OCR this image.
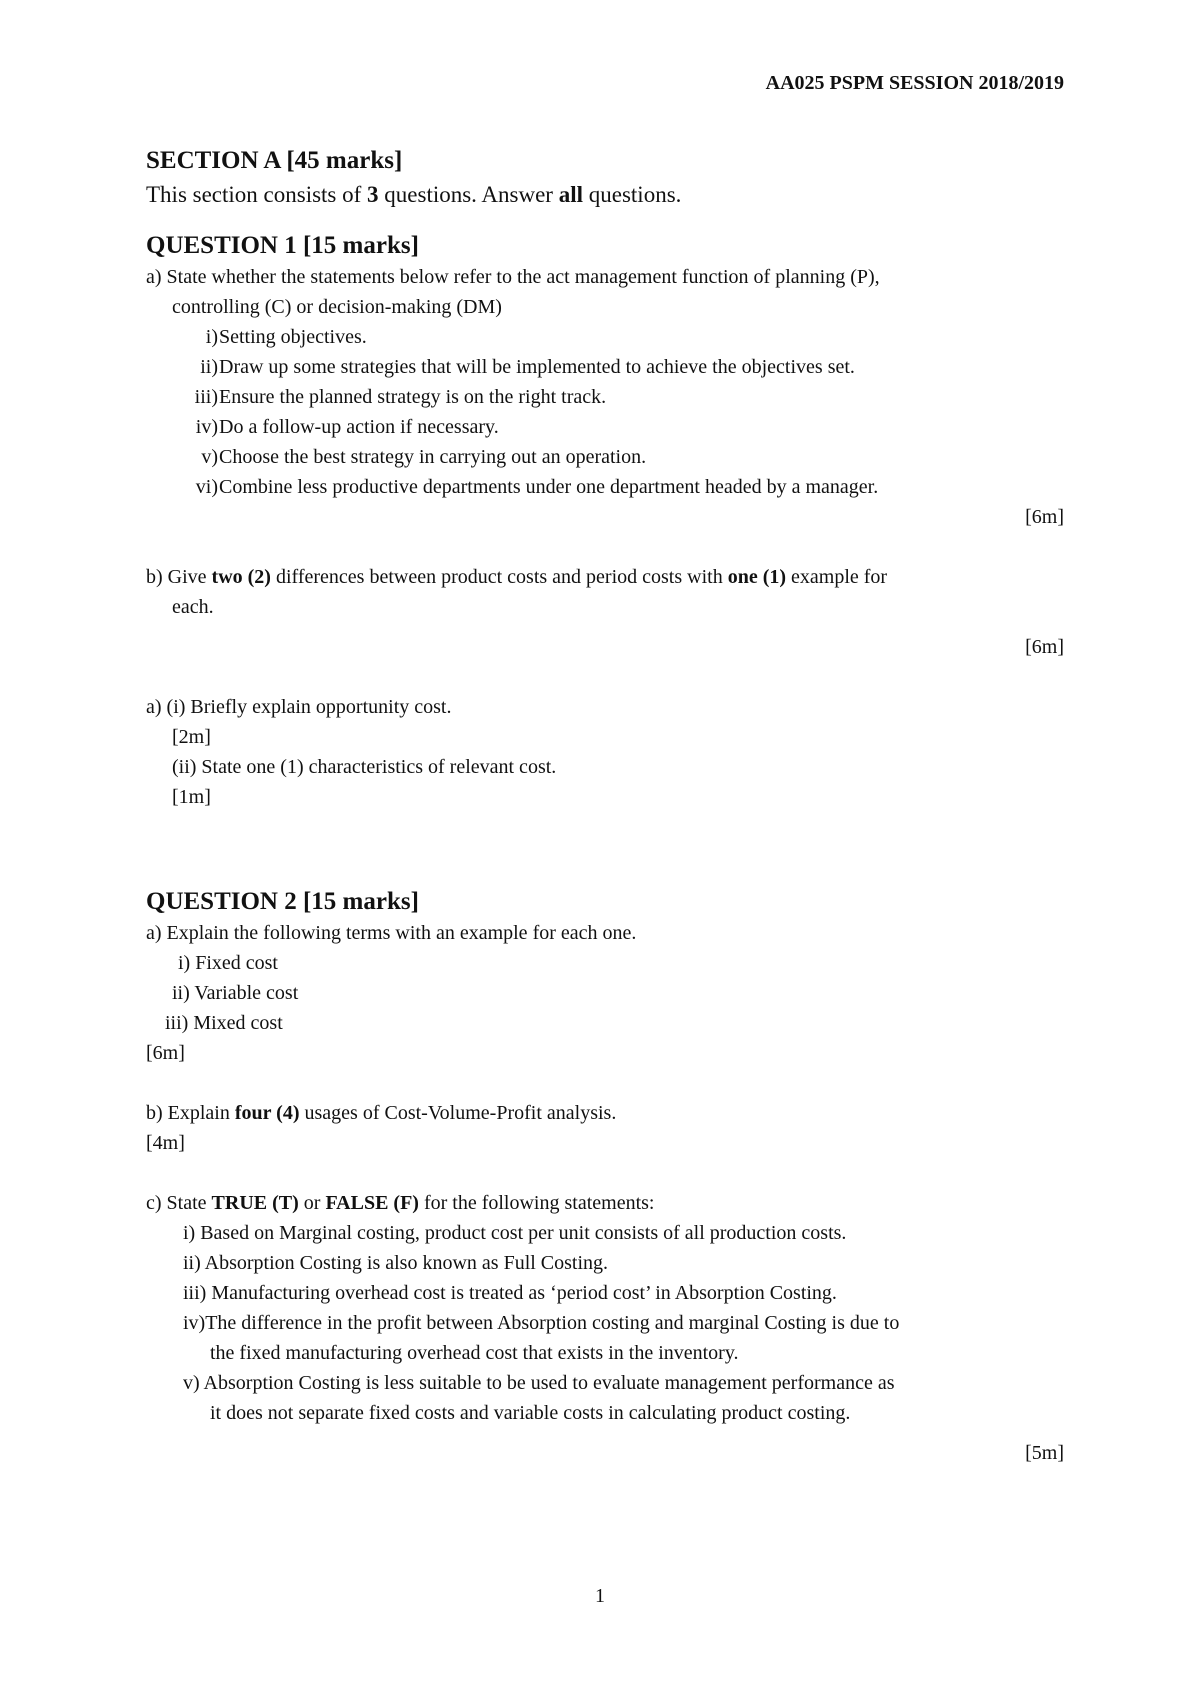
AA025 PSPM SESSION 2018/2019
SECTION A [45 marks]
This section consists of 3 questions. Answer all questions.
QUESTION 1 [15 marks]
a) State whether the statements below refer to the act management function of planning (P),
controlling (C) or decision-making (DM)
i) Setting objectives.
ii) Draw up some strategies that will be implemented to achieve the objectives set.
iii) Ensure the planned strategy is on the right track.
iv) Do a follow-up action if necessary.
v) Choose the best strategy in carrying out an operation.
vi) Combine less productive departments under one department headed by a manager.
[6m]
b) Give two (2) differences between product costs and period costs with one (1) example for
each.
[6m]
a) (i) Briefly explain opportunity cost.
[2m]
(ii) State one (1) characteristics of relevant cost.
[1m]
QUESTION 2 [15 marks]
a) Explain the following terms with an example for each one.
i) Fixed cost
ii) Variable cost
iii) Mixed cost
[6m]
b) Explain four (4) usages of Cost-Volume-Profit analysis.
[4m]
c) State TRUE (T) or FALSE (F) for the following statements:
i) Based on Marginal costing, product cost per unit consists of all production costs.
ii) Absorption Costing is also known as Full Costing.
iii) Manufacturing overhead cost is treated as ‘period cost’ in Absorption Costing.
iv)The difference in the profit between Absorption costing and marginal Costing is due to
the fixed manufacturing overhead cost that exists in the inventory.
v) Absorption Costing is less suitable to be used to evaluate management performance as
it does not separate fixed costs and variable costs in calculating product costing.
[5m]
1
